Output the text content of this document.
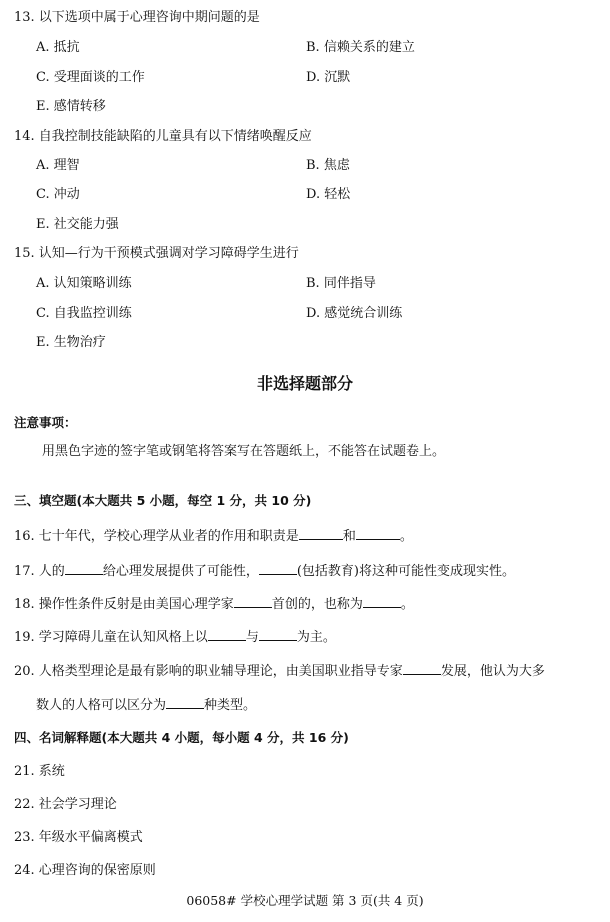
13. 以下选项中属于心理咨询中期问题的是
A. 抵抗	B. 信赖关系的建立
C. 受理面谈的工作	D. 沉默
E. 感情转移
14. 自我控制技能缺陷的儿童具有以下情绪唤醒反应
A. 理智	B. 焦虑
C. 冲动	D. 轻松
E. 社交能力强
15. 认知—行为干预模式强调对学习障碍学生进行
A. 认知策略训练	B. 同伴指导
C. 自我监控训练	D. 感觉统合训练
E. 生物治疗
非选择题部分
注意事项：
用黑色字迹的签字笔或钢笔将答案写在答题纸上，不能答在试题卷上。
三、填空题(本大题共 5 小题，每空 1 分，共 10 分)
16. 七十年代，学校心理学从业者的作用和职责是	和	。
17. 人的	给心理发展提供了可能性，	(包括教育)将这种可能性变成现实性。
18. 操作性条件反射是由美国心理学家	首创的，也称为	。
19. 学习障碍儿童在认知风格上以	与	为主。
20. 人格类型理论是最有影响的职业辅导理论，由美国职业指导专家	发展，他认为大多
数人的人格可以区分为	种类型。
四、名词解释题(本大题共 4 小题，每小题 4 分，共 16 分)
21. 系统
22. 社会学习理论
23. 年级水平偏离模式
24. 心理咨询的保密原则
06058# 学校心理学试题 第 3 页(共 4 页)
